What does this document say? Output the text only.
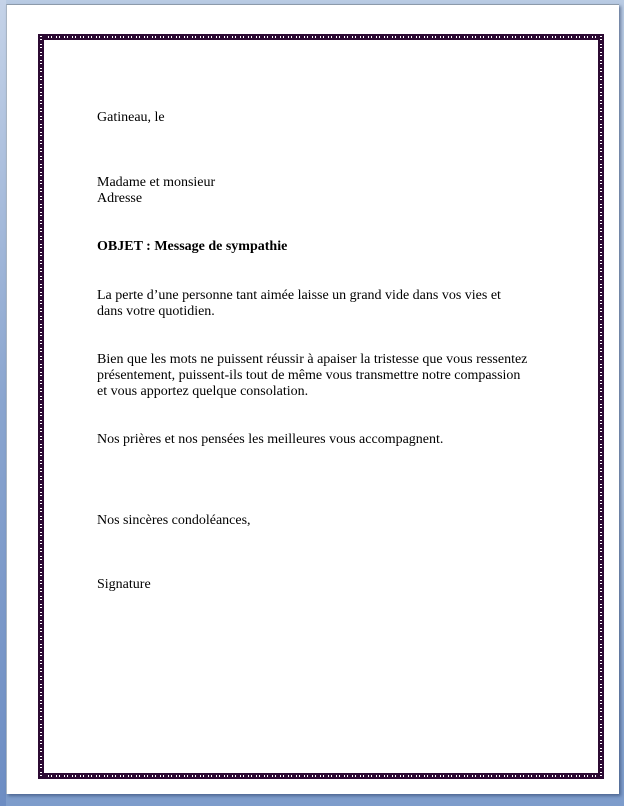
Gatineau, le
Madame et monsieur
Adresse
OBJET : Message de sympathie
La perte d’une personne tant aimée laisse un grand vide dans vos vies et
dans votre quotidien.
Bien que les mots ne puissent réussir à apaiser la tristesse que vous ressentez
présentement, puissent-ils tout de même vous transmettre notre compassion
et vous apportez quelque consolation.
Nos prières et nos pensées les meilleures vous accompagnent.
Nos sincères condoléances,
Signature
